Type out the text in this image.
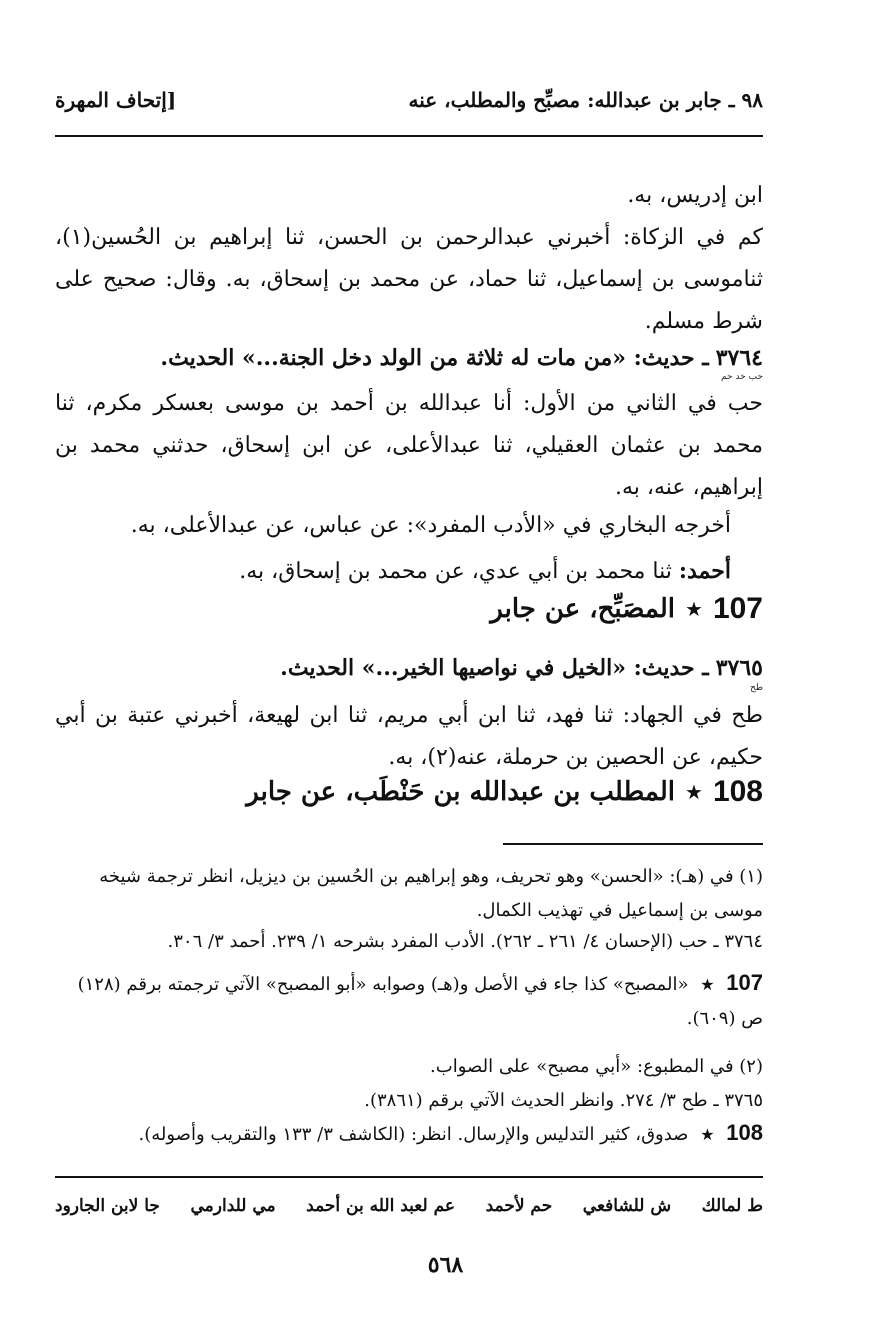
٩٨ ـ جابر بن عبدالله: مصبِّح والمطلب، عنه
[إتحاف المهرة
ابن إدريس، به.
كم في الزكاة: أخبرني عبدالرحمن بن الحسن، ثنا إبراهيم بن الحُسين(١)، ثناموسى بن إسماعيل، ثنا حماد، عن محمد بن إسحاق، به. وقال: صحيح على شرط مسلم.
٣٧٦٤ ـ حديث: «من مات له ثلاثة من الولد دخل الجنة...» الحديث.
حب خد حم
حب في الثاني من الأول: أنا عبدالله بن أحمد بن موسى بعسكر مكرم، ثنا محمد بن عثمان العقيلي، ثنا عبدالأعلى، عن ابن إسحاق، حدثني محمد بن إبراهيم، عنه، به.
أخرجه البخاري في «الأدب المفرد»: عن عباس، عن عبدالأعلى، به.
أحمد: ثنا محمد بن أبي عدي، عن محمد بن إسحاق، به.
107
★
المصَبِّح، عن جابر
٣٧٦٥ ـ حديث: «الخيل في نواصيها الخير...» الحديث.
طح
طح في الجهاد: ثنا فهد، ثنا ابن أبي مريم، ثنا ابن لهيعة، أخبرني عتبة بن أبي حكيم، عن الحصين بن حرملة، عنه(٢)، به.
108
★
المطلب بن عبدالله بن حَنْطَب، عن جابر
(١) في (هـ): «الحسن» وهو تحريف، وهو إبراهيم بن الحُسين بن ديزيل، انظر ترجمة شيخه
موسى بن إسماعيل في تهذيب الكمال.
٣٧٦٤ ـ حب (الإحسان ٤/ ٢٦١ ـ ٢٦٢). الأدب المفرد بشرحه ١/ ٢٣٩. أحمد ٣/ ٣٠٦.
107 ★ «المصبح» كذا جاء في الأصل و(هـ) وصوابه «أبو المصبح» الآتي ترجمته برقم (١٢٨)
ص (٦٠٩).
(٢) في المطبوع: «أبي مصبح» على الصواب.
٣٧٦٥ ـ طح ٣/ ٢٧٤. وانظر الحديث الآتي برقم (٣٨٦١).
108 ★ صدوق، كثير التدليس والإرسال. انظر: (الكاشف ٣/ ١٣٣ والتقريب وأصوله).
ط لمالك
ش للشافعي
حم لأحمد
عم لعبد الله بن أحمد
مي للدارمي
جا لابن الجارود
٥٦٨
